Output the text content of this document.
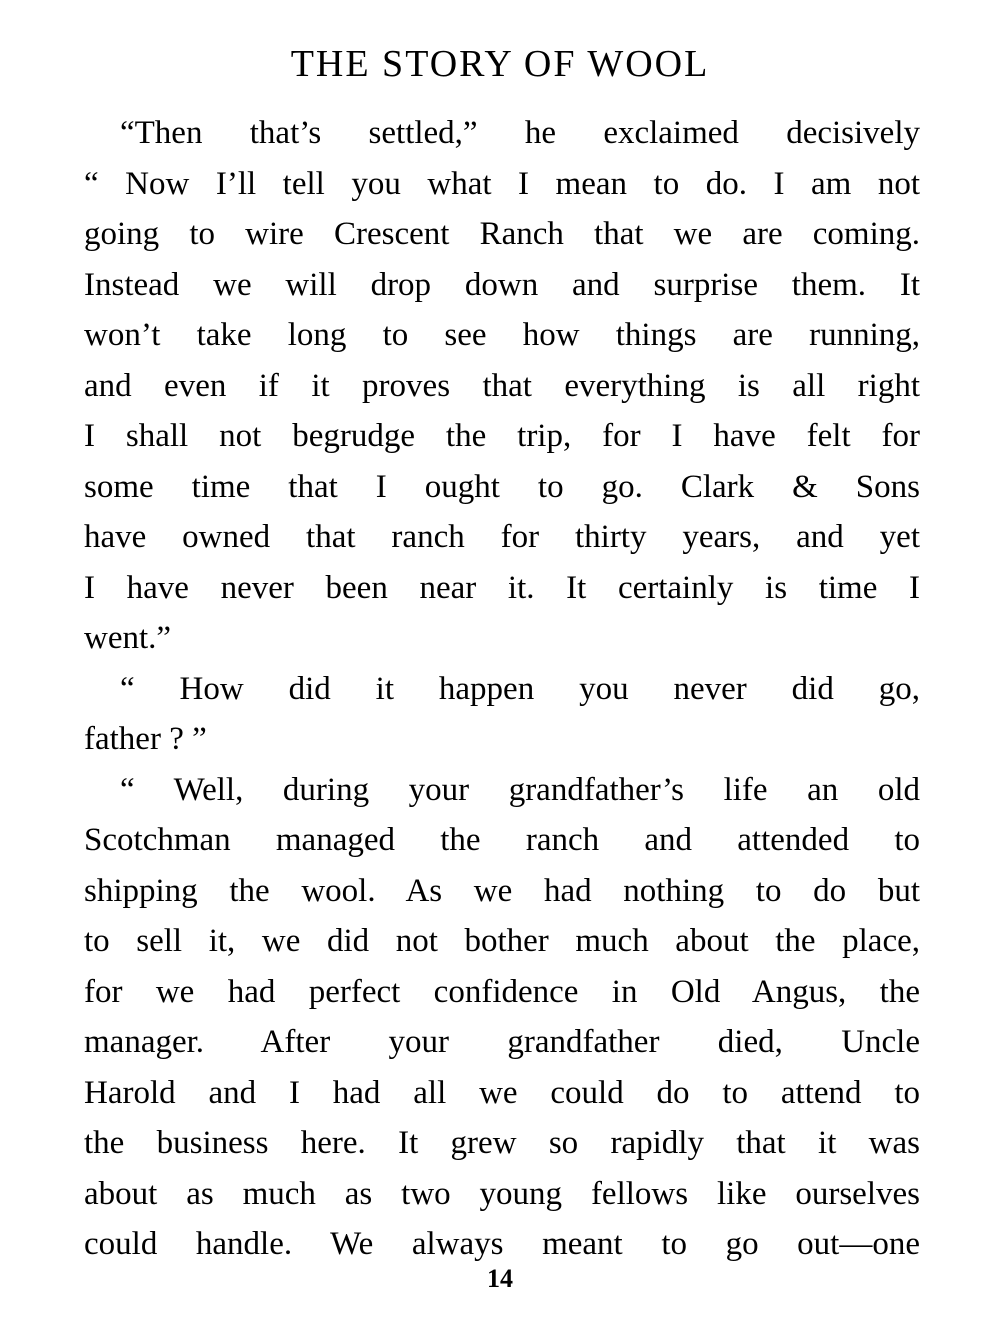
THE STORY OF WOOL
“Then that’s settled,” he exclaimed decisively
“ Now I’ll tell you what I mean to do. I am not
going to wire Crescent Ranch that we are coming.
Instead we will drop down and surprise them. It
won’t take long to see how things are running,
and even if it proves that everything is all right
I shall not begrudge the trip, for I have felt for
some time that I ought to go. Clark & Sons
have owned that ranch for thirty years, and yet
I have never been near it. It certainly is time I
went.”
“ How did it happen you never did go,
father ? ”
“ Well, during your grandfather’s life an old
Scotchman managed the ranch and attended to
shipping the wool. As we had nothing to do but
to sell it, we did not bother much about the place,
for we had perfect confidence in Old Angus, the
manager. After your grandfather died, Uncle
Harold and I had all we could do to attend to
the business here. It grew so rapidly that it was
about as much as two young fellows like ourselves
could handle. We always meant to go out—one
14
